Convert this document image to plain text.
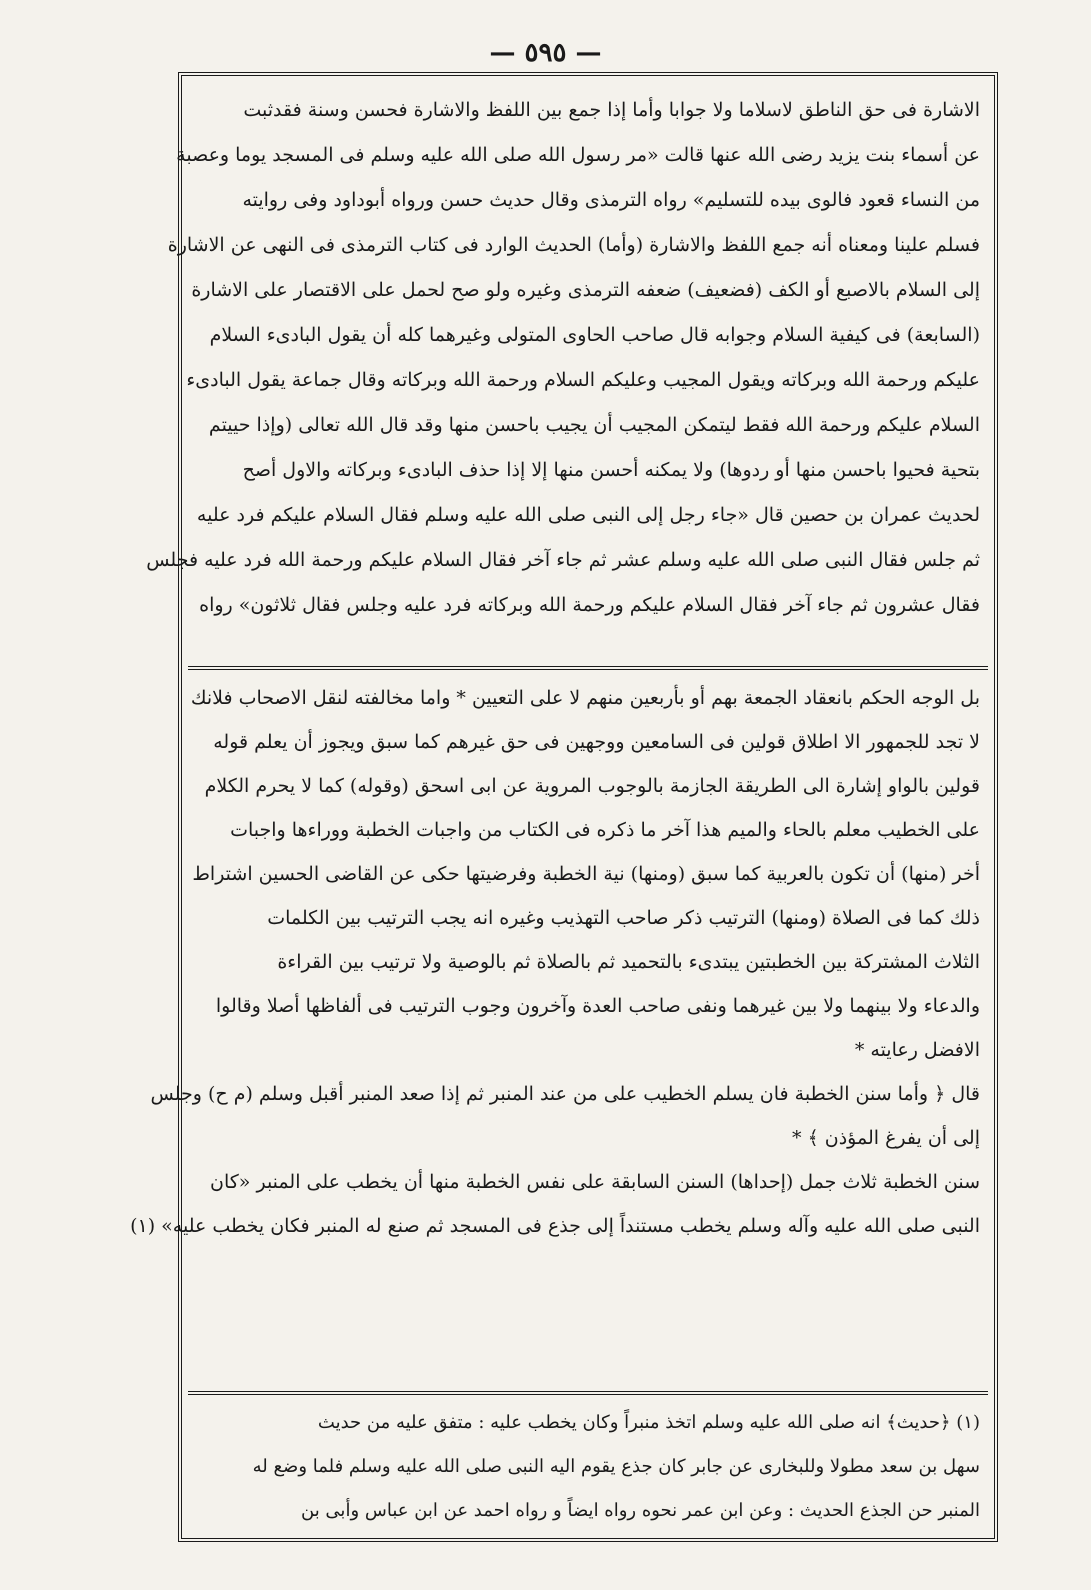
— ٥٩٥ —
الاشارة فى حق الناطق لاسلاما ولا جوابا وأما إذا جمع بين اللفظ والاشارة فحسن وسنة فقدثبت
عن أسماء بنت يزيد رضى الله عنها قالت «مر رسول الله صلى الله عليه وسلم فى المسجد يوما وعصبة
من النساء قعود فالوى بيده للتسليم» رواه الترمذى وقال حديث حسن ورواه أبوداود وفى روايته
فسلم علينا ومعناه أنه جمع اللفظ والاشارة (وأما) الحديث الوارد فى كتاب الترمذى فى النهى عن الاشارة
إلى السلام بالاصبع أو الكف (فضعيف) ضعفه الترمذى وغيره ولو صح لحمل على الاقتصار على الاشارة
(السابعة) فى كيفية السلام وجوابه قال صاحب الحاوى المتولى وغيرهما كله أن يقول البادىء السلام
عليكم ورحمة الله وبركاته ويقول المجيب وعليكم السلام ورحمة الله وبركاته وقال جماعة يقول البادىء
السلام عليكم ورحمة الله فقط ليتمكن المجيب أن يجيب باحسن منها وقد قال الله تعالى (وإذا حييتم
بتحية فحيوا باحسن منها أو ردوها) ولا يمكنه أحسن منها إلا إذا حذف البادىء وبركاته والاول أصح
لحديث عمران بن حصين قال «جاء رجل إلى النبى صلى الله عليه وسلم فقال السلام عليكم فرد عليه
ثم جلس فقال النبى صلى الله عليه وسلم عشر ثم جاء آخر فقال السلام عليكم ورحمة الله فرد عليه فجلس
فقال عشرون ثم جاء آخر فقال السلام عليكم ورحمة الله وبركاته فرد عليه وجلس فقال ثلاثون» رواه
بل الوجه الحكم بانعقاد الجمعة بهم أو بأربعين منهم لا على التعيين * واما مخالفته لنقل الاصحاب فلانك
لا تجد للجمهور الا اطلاق قولين فى السامعين ووجهين فى حق غيرهم كما سبق ويجوز أن يعلم قوله
قولين بالواو إشارة الى الطريقة الجازمة بالوجوب المروية عن ابى اسحق (وقوله) كما لا يحرم الكلام
على الخطيب معلم بالحاء والميم هذا آخر ما ذكره فى الكتاب من واجبات الخطبة ووراءها واجبات
أخر (منها) أن تكون بالعربية كما سبق (ومنها) نية الخطبة وفرضيتها حكى عن القاضى الحسين اشتراط
ذلك كما فى الصلاة (ومنها) الترتيب ذكر صاحب التهذيب وغيره انه يجب الترتيب بين الكلمات
الثلاث المشتركة بين الخطبتين يبتدىء بالتحميد ثم بالصلاة ثم بالوصية ولا ترتيب بين القراءة
والدعاء ولا بينهما ولا بين غيرهما ونفى صاحب العدة وآخرون وجوب الترتيب فى ألفاظها أصلا وقالوا
الافضل رعايته *
قال ﴿ وأما سنن الخطبة فان يسلم الخطيب على من عند المنبر ثم إذا صعد المنبر أقبل وسلم (م ح) وجلس
إلى أن يفرغ المؤذن ﴾ *
سنن الخطبة ثلاث جمل (إحداها) السنن السابقة على نفس الخطبة منها أن يخطب على المنبر «كان
النبى صلى الله عليه وآله وسلم يخطب مستنداً إلى جذع فى المسجد ثم صنع له المنبر فكان يخطب عليه» (١)
(١) ﴿حديث﴾ انه صلى الله عليه وسلم اتخذ منبراً وكان يخطب عليه : متفق عليه من حديث
سهل بن سعد مطولا وللبخارى عن جابر كان جذع يقوم اليه النبى صلى الله عليه وسلم فلما وضع له
المنبر حن الجذع الحديث : وعن ابن عمر نحوه رواه ايضاً و رواه احمد عن ابن عباس وأبى بن
